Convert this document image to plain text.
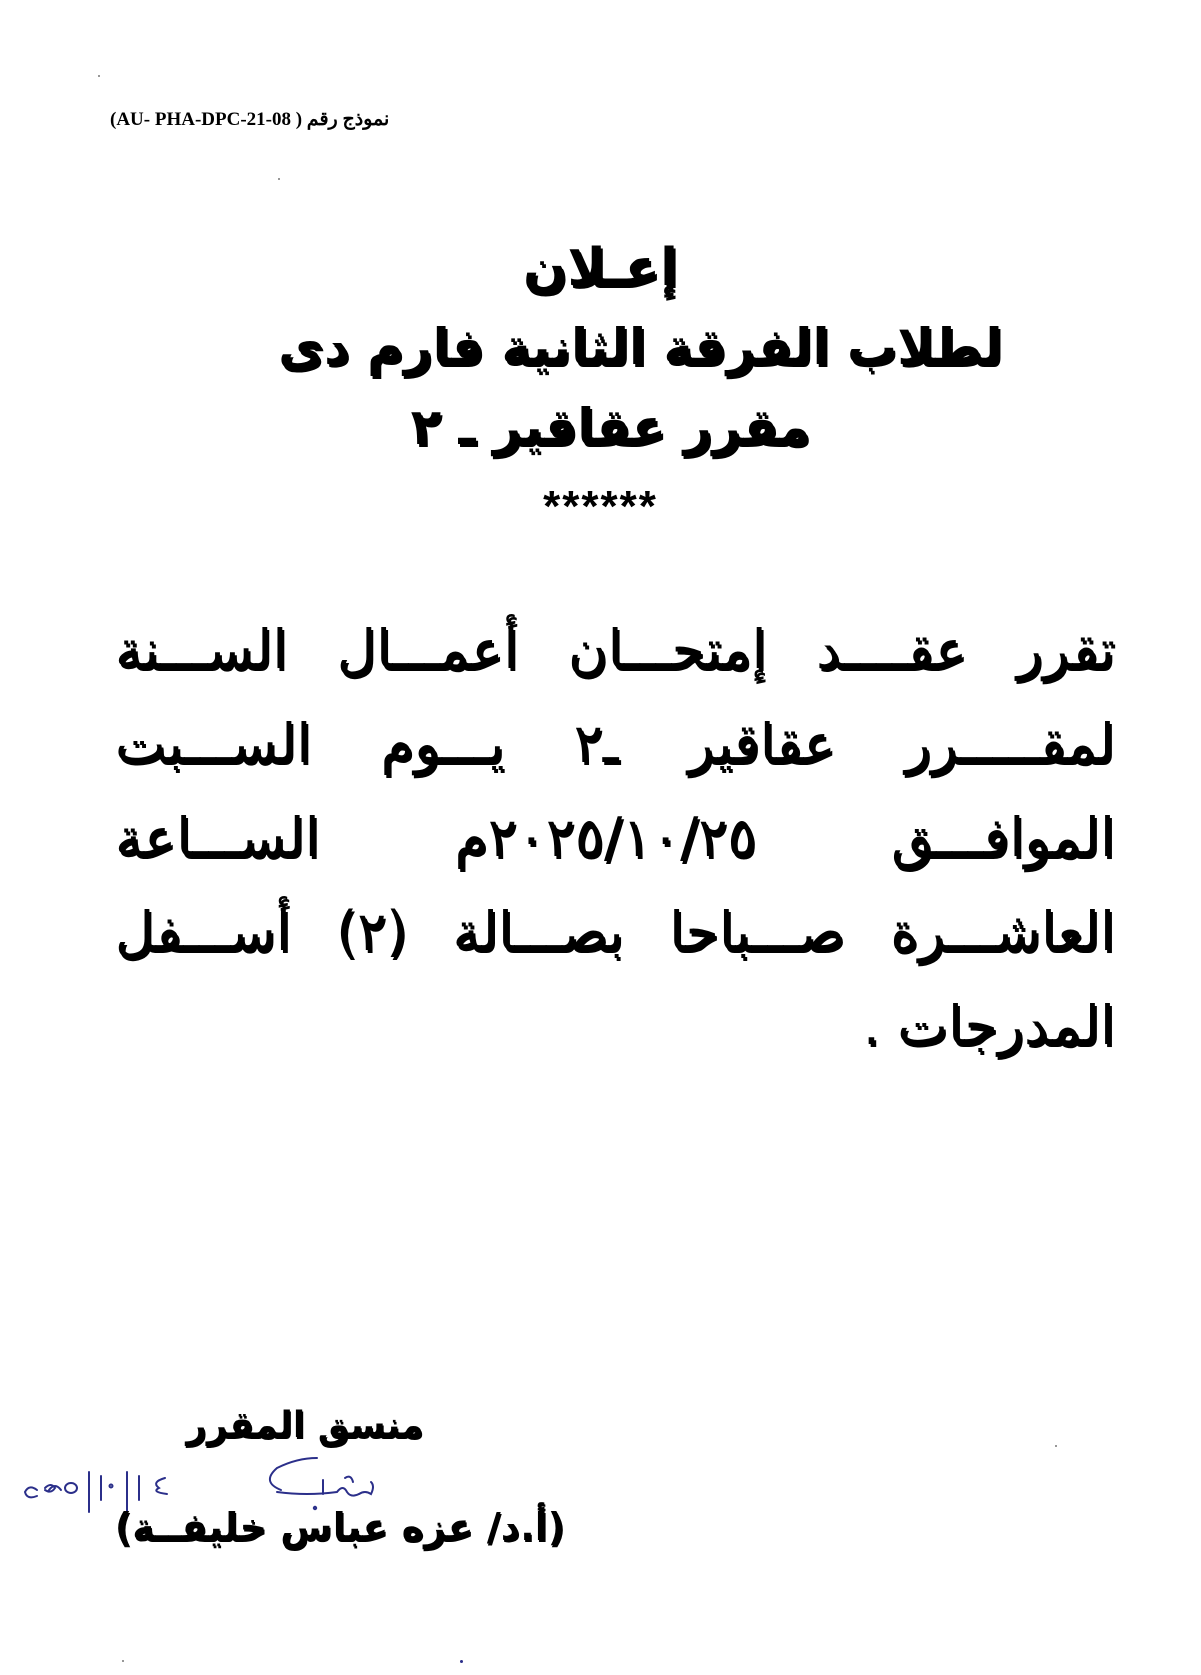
نموذج رقم ( AU- PHA-DPC-21-08)
إعـلان
لطلاب الفرقة الثانية فارم دى
مقرر عقاقير ـ ٢
******
تقرر عقــــد إمتحـــان أعمـــال الســـنة
لمقـــــرر عقاقير ـ٢ يـــوم الســـبت
الموافـــق ٢٠٢٥/١٠/٢٥م الســـاعة
العاشـــرة صـــباحا بصـــالة (٢) أســـفل
المدرجات .
منسق المقرر
(أ.د/ عزه عباس خليفــة)
